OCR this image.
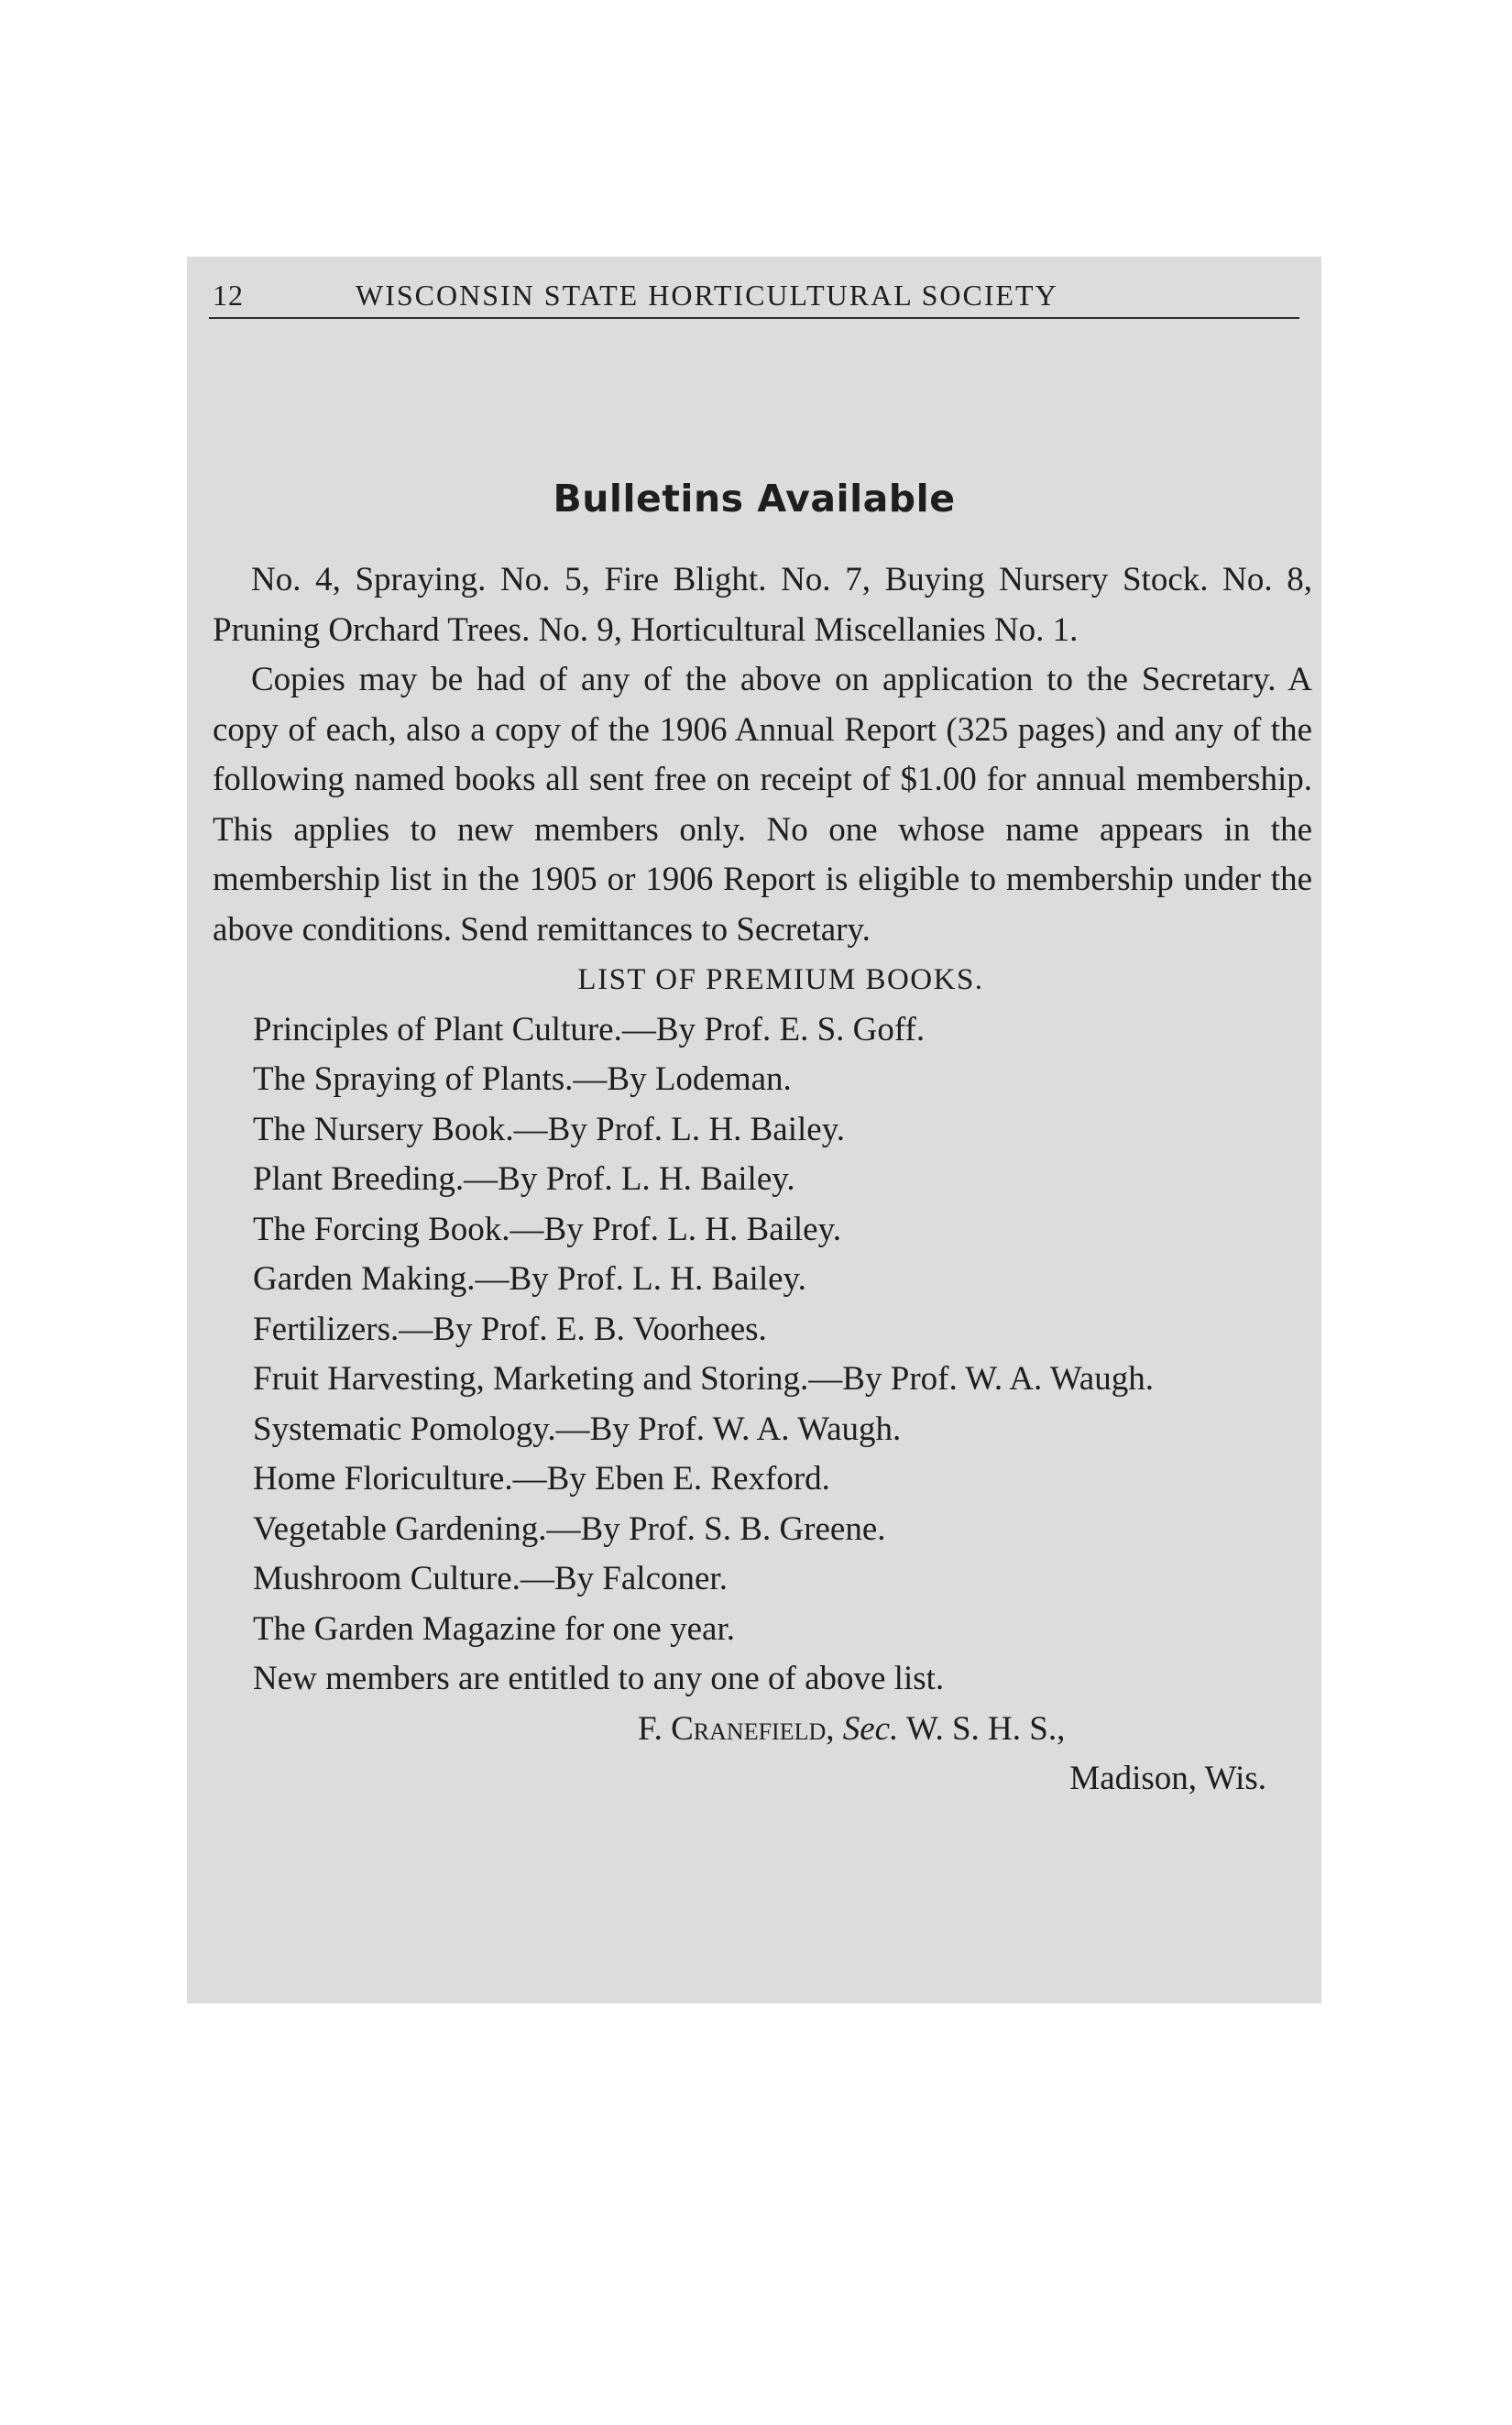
12	WISCONSIN STATE HORTICULTURAL SOCIETY
Bulletins Available

No. 4, Spraying. No. 5, Fire Blight. No. 7, Buying Nursery Stock. No. 8, Pruning Orchard Trees. No. 9, Horticultural Miscellanies No. 1.

Copies may be had of any of the above on application to the Secretary. A copy of each, also a copy of the 1906 Annual Report (325 pages) and any of the following named books all sent free on receipt of $1.00 for annual membership. This applies to new members only. No one whose name appears in the membership list in the 1905 or 1906 Report is eligible to membership under the above conditions. Send remittances to Secretary.

LIST OF PREMIUM BOOKS.

Principles of Plant Culture.—By Prof. E. S. Goff.

The Spraying of Plants.—By Lodeman.

The Nursery Book.—By Prof. L. H. Bailey.

Plant Breeding.—By Prof. L. H. Bailey.

The Forcing Book.—By Prof. L. H. Bailey.

Garden Making.—By Prof. L. H. Bailey.

Fertilizers.—By Prof. E. B. Voorhees.

Fruit Harvesting, Marketing and Storing.—By Prof. W. A. Waugh.

Systematic Pomology.—By Prof. W. A. Waugh.

Home Floriculture.—By Eben E. Rexford.

Vegetable Gardening.—By Prof. S. B. Greene.

Mushroom Culture.—By Falconer.

The Garden Magazine for one year.

New members are entitled to any one of above list.

F. Cranefield, Sec. W. S. H. S.,

Madison, Wis.
